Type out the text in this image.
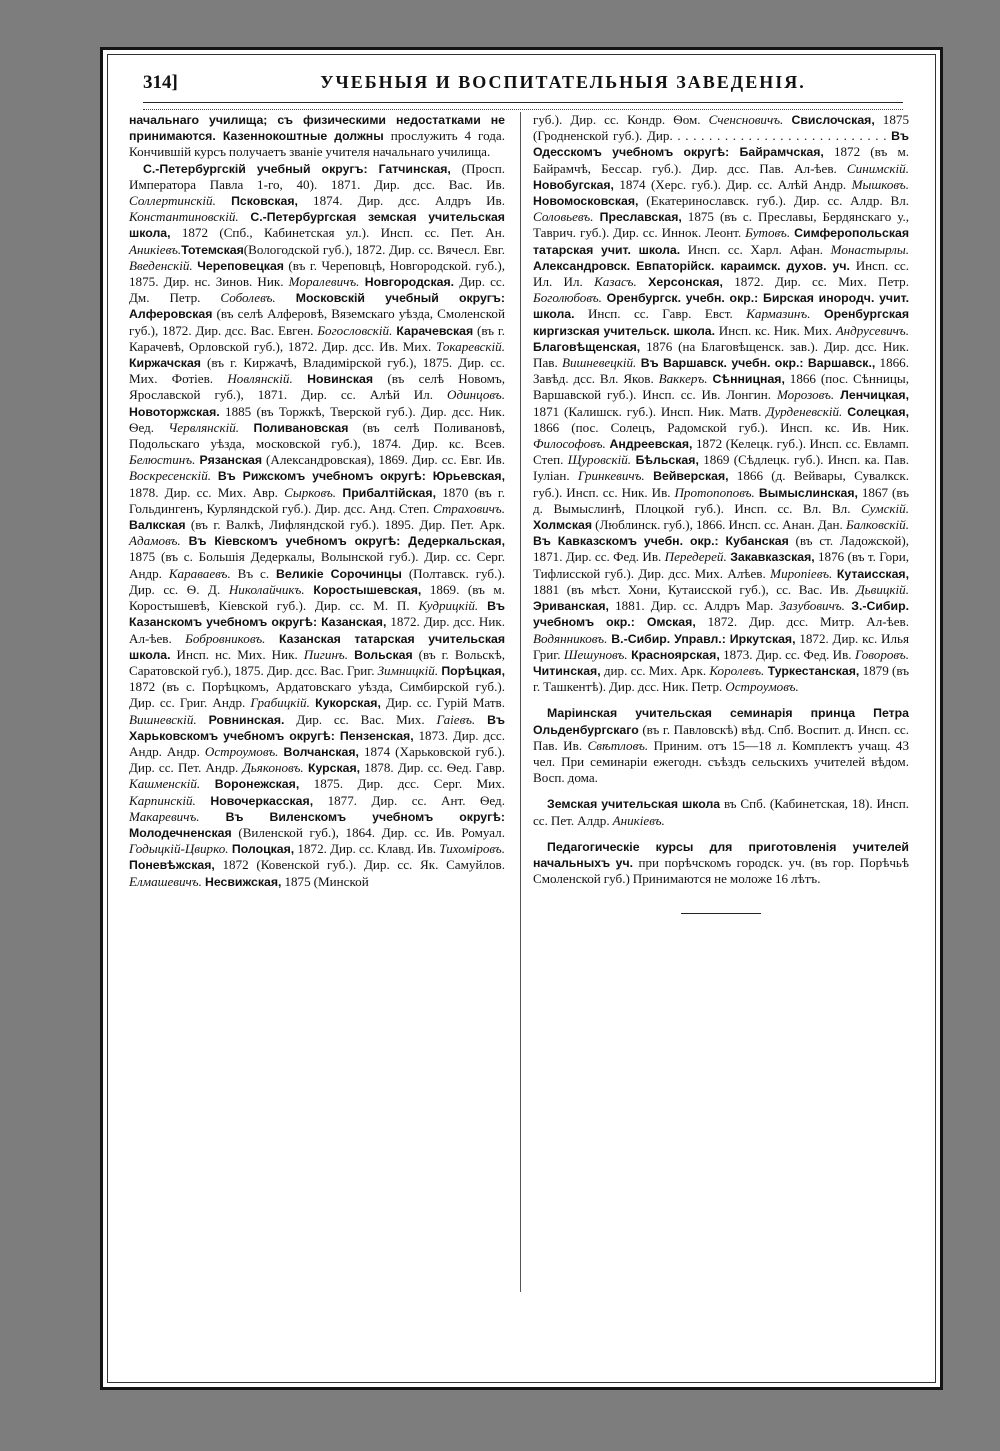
314]	УЧЕБНЫЯ И ВОСПИТАТЕЛЬНЫЯ ЗАВЕДЕНІЯ.

начальнаго училища; съ физическими недостатками не принимаются. Казеннокоштные должны прослужить 4 года. Кончившій курсъ получаетъ званіе учителя начальнаго училища.

С.-Петербургскій учебный округъ: Гатчинская, (Просп. Императора Павла 1-го, 40). 1871. Дир. дсс. Вас. Ив. Соллертинскій. Псковская, 1874. Дир. дсс. Алдръ Ив. Константиновскій. С.-Петербургская земская учительская школа, 1872 (Спб., Кабинетская ул.). Инсп. сс. Пет. Ан. Аникіевъ.Тотемская(Вологодской губ.), 1872. Дир. сс. Вячесл. Евг. Введенскій. Череповецкая (въ г. Череповцѣ, Новгородской. губ.), 1875. Дир. нс. Зинов. Ник. Моралевичъ. Новгородская. Дир. сс. Дм. Петр. Соболевъ. Московскій учебный округъ: Алферовская (въ селѣ Алферовѣ, Вяземскаго уѣзда, Смоленской губ.), 1872. Дир. дсс. Вас. Евген. Богословскій. Карачевская (въ г. Карачевѣ, Орловской губ.), 1872. Дир. дсс. Ив. Мих. Токаревскій. Киржачская (въ г. Киржачѣ, Владимірской губ.), 1875. Дир. сс. Мих. Фотіев. Новлянскій. Новинская (въ селѣ Новомъ, Ярославской губ.), 1871. Дир. сс. Алѣй Ил. Одинцовъ. Новоторжская. 1885 (въ Торжкѣ, Тверской губ.). Дир. дсс. Ник. Ѳед. Червлянскій. Поливановская (въ селѣ Поливановѣ, Подольскаго уѣзда, московской губ.), 1874. Дир. кс. Всев. Белюстинъ. Рязанская (Александровская), 1869. Дир. сс. Евг. Ив. Воскресенскій. Въ Рижскомъ учебномъ округѣ: Юрьевская, 1878. Дир. сс. Мих. Авр. Сырковъ. Прибалтійская, 1870 (въ г. Гольдингенъ, Курляндской губ.). Дир. дсс. Анд. Степ. Страховичъ. Валкская (въ г. Валкѣ, Лифляндской губ.). 1895. Дир. Пет. Арк. Адамовъ. Въ Кіевскомъ учебномъ округѣ: Дедеркальская, 1875 (въ с. Большія Дедеркалы, Волынской губ.). Дир. сс. Серг. Андр. Караваевъ. Въ с. Великіе Сорочинцы (Полтавск. губ.). Дир. сс. Ѳ. Д. Николайчикъ. Коростышевская, 1869. (въ м. Коростышевѣ, Кіевской губ.). Дир. сс. М. П. Кудрицкій. Въ Казанскомъ учебномъ округѣ: Казанская, 1872. Дир. дсс. Ник. Ал-ѣев. Бобровниковъ. Казанская татарская учительская школа. Инсп. нс. Мих. Ник. Пигинъ. Вольская (въ г. Вольскѣ, Саратовской губ.), 1875. Дир. дсс. Вас. Григ. Зимницкій. Порѣцкая, 1872 (въ с. Порѣцкомъ, Ардатовскаго уѣзда, Симбирской губ.). Дир. сс. Григ. Андр. Грабицкій. Кукорская, Дир. сс. Гурій Матв. Вишневскій. Ровнинская. Дир. сс. Вас. Мих. Гаіевъ. Въ Харьковскомъ учебномъ округѣ: Пензенская, 1873. Дир. дсс. Андр. Андр. Остроумовъ. Волчанская, 1874 (Харьковской губ.). Дир. сс. Пет. Андр. Дьяконовъ. Курская, 1878. Дир. сс. Ѳед. Гавр. Кашменскій. Воронежская, 1875. Дир. дсс. Серг. Мих. Карпинскій. Новочеркасская, 1877. Дир. сс. Ант. Ѳед. Макаревичъ. Въ Виленскомъ учебномъ округѣ: Молодечненская (Виленской губ.), 1864. Дир. сс. Ив. Ромуал. Годыцкій-Цвирко. Полоцкая, 1872. Дир. сс. Клавд. Ив. Тихоміровъ. Поневѣжская, 1872 (Ковенской губ.). Дир. сс. Як. Самуйлов. Елмашевичъ. Несвижская, 1875 (Минской

губ.). Дир. сс. Кондр. Ѳом. Сченсновичъ. Свислочская, 1875 (Гродненской губ.). Дир. . . . . . . . . . . . . . . . . . . . . . . . . . . . Въ Одесскомъ учебномъ округѣ: Байрамчская, 1872 (въ м. Байрамчѣ, Бессар. губ.). Дир. дсс. Пав. Ал-ѣев. Синимскій. Новобугская, 1874 (Херс. губ.). Дир. сс. Алѣй Андр. Мышковъ. Новомосковская, (Екатеринославск. губ.). Дир. сс. Алдр. Вл. Соловьевъ. Преславская, 1875 (въ с. Преславы, Бердянскаго у., Таврич. губ.). Дир. сс. Иннок. Леонт. Бутовъ. Симферопольская татарская учит. школа. Инсп. сс. Харл. Афан. Монастырлы. Александровск. Евпаторійск. караимск. духов. уч. Инсп. сс. Ил. Ил. Казасъ. Херсонская, 1872. Дир. сс. Мих. Петр. Боголюбовъ. Оренбургск. учебн. окр.: Бирская инородч. учит. школа. Инсп. сс. Гавр. Евст. Кармазинъ. Оренбургская киргизская учительск. школа. Инсп. кс. Ник. Мих. Андрусевичъ. Благовѣщенская, 1876 (на Благовѣщенск. зав.). Дир. дсс. Ник. Пав. Вишневецкій. Въ Варшавск. учебн. окр.: Варшавск., 1866. Завѣд. дсс. Вл. Яков. Ваккеръ. Сѣнницная, 1866 (пос. Сѣнницы, Варшавской губ.). Инсп. сс. Ив. Лонгин. Морозовъ. Ленчицкая, 1871 (Калишск. губ.). Инсп. Ник. Матв. Дурденевскій. Солецкая, 1866 (пос. Солецъ, Радомской губ.). Инсп. кс. Ив. Ник. Философовъ. Андреевская, 1872 (Келецк. губ.). Инсп. сс. Евламп. Степ. Щуровскій. Бѣльская, 1869 (Сѣдлецк. губ.). Инсп. ка. Пав. Іуліан. Гринкевичъ. Вейверская, 1866 (д. Вейвары, Сувалкск. губ.). Инсп. сс. Ник. Ив. Протопоповъ. Вымыслинская, 1867 (въ д. Вымыслинѣ, Плоцкой губ.). Инсп. сс. Вл. Вл. Сумскій. Холмская (Люблинск. губ.), 1866. Инсп. сс. Анан. Дан. Балковскій. Въ Кавказскомъ учебн. окр.: Кубанская (въ ст. Ладожской), 1871. Дир. сс. Фед. Ив. Передерей. Закавказская, 1876 (въ т. Гори, Тифлисской губ.). Дир. дсс. Мих. Алѣев. Миропіевъ. Кутаисская, 1881 (въ мѣст. Хони, Кутаисской губ.), сс. Вас. Ив. Дьвицкій. Эриванская, 1881. Дир. сс. Алдръ Мар. Зазубовичъ. З.-Сибир. учебномъ окр.: Омская, 1872. Дир. дсс. Митр. Ал-ѣев. Водянниковъ. В.-Сибир. Управл.: Иркутская, 1872. Дир. кс. Илья Григ. Шешуновъ. Красноярская, 1873. Дир. сс. Фед. Ив. Говоровъ. Читинская, дир. сс. Мих. Арк. Королевъ. Туркестанская, 1879 (въ г. Ташкентѣ). Дир. дсс. Ник. Петр. Остроумовъ.

Маріинская учительская семинарія принца Петра Ольденбургскаго (въ г. Павловскѣ) вѣд. Спб. Воспит. д. Инсп. сс. Пав. Ив. Свѣтловъ. Приним. отъ 15—18 л. Комплектъ учащ. 43 чел. При семинаріи ежегодн. съѣздъ сельскихъ учителей вѣдом. Восп. дома.

Земская учительская школа въ Спб. (Кабинетская, 18). Инсп. сс. Пет. Алдр. Аникіевъ.

Педагогическіе курсы для приготовленія учителей начальныхъ уч. при порѣчскомъ городск. уч. (въ гор. Порѣчьѣ Смоленской губ.) Принимаются не моложе 16 лѣтъ.
